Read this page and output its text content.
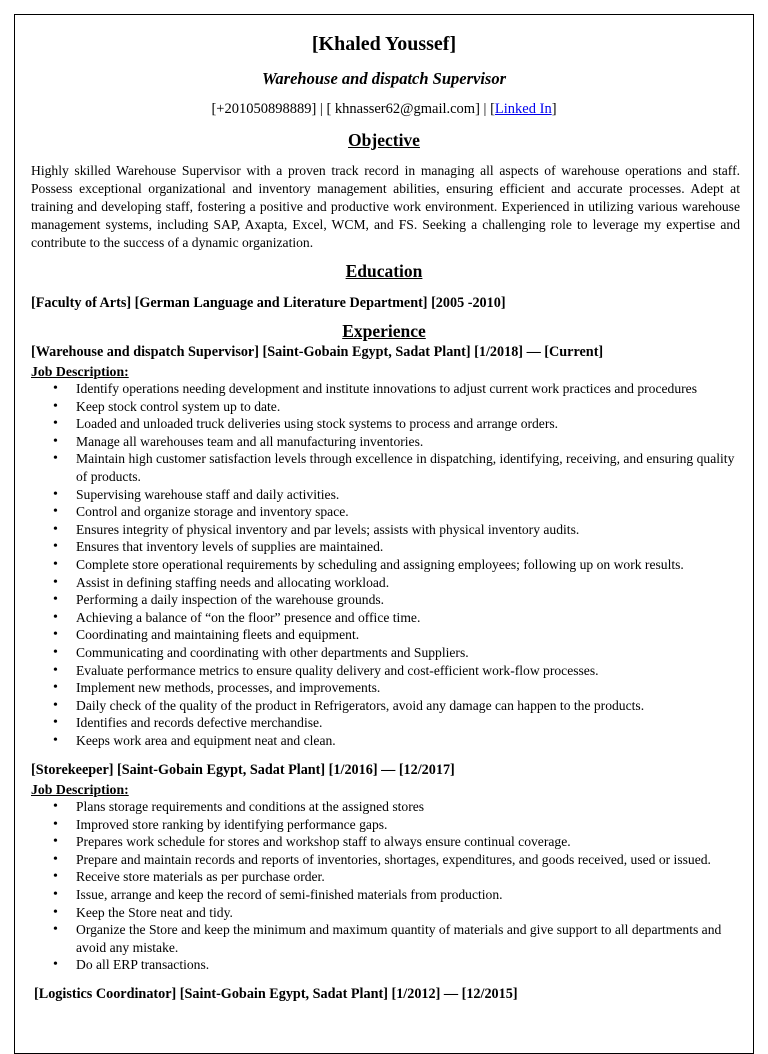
[Khaled Youssef]
Warehouse and dispatch Supervisor
[+201050898889] | [ khnasser62@gmail.com] | [Linked In]
Objective
Highly skilled Warehouse Supervisor with a proven track record in managing all aspects of warehouse operations and staff. Possess exceptional organizational and inventory management abilities, ensuring efficient and accurate processes. Adept at training and developing staff, fostering a positive and productive work environment. Experienced in utilizing various warehouse management systems, including SAP, Axapta, Excel, WCM, and FS. Seeking a challenging role to leverage my expertise and contribute to the success of a dynamic organization.
Education
[Faculty of Arts] [German Language and Literature Department] [2005 -2010]
Experience
[Warehouse and dispatch Supervisor] [Saint-Gobain Egypt, Sadat Plant] [1/2018] — [Current]
Job Description:
• Identify operations needing development and institute innovations to adjust current work practices and procedures
• Keep stock control system up to date.
• Loaded and unloaded truck deliveries using stock systems to process and arrange orders.
• Manage all warehouses team and all manufacturing inventories.
• Maintain high customer satisfaction levels through excellence in dispatching, identifying, receiving, and ensuring quality of products.
• Supervising warehouse staff and daily activities.
• Control and organize storage and inventory space.
• Ensures integrity of physical inventory and par levels; assists with physical inventory audits.
• Ensures that inventory levels of supplies are maintained.
• Complete store operational requirements by scheduling and assigning employees; following up on work results.
• Assist in defining staffing needs and allocating workload.
• Performing a daily inspection of the warehouse grounds.
• Achieving a balance of “on the floor” presence and office time.
• Coordinating and maintaining fleets and equipment.
• Communicating and coordinating with other departments and Suppliers.
• Evaluate performance metrics to ensure quality delivery and cost-efficient work-flow processes.
• Implement new methods, processes, and improvements.
• Daily check of the quality of the product in Refrigerators, avoid any damage can happen to the products.
• Identifies and records defective merchandise.
• Keeps work area and equipment neat and clean.
[Storekeeper] [Saint-Gobain Egypt, Sadat Plant] [1/2016] — [12/2017]
Job Description:
• Plans storage requirements and conditions at the assigned stores
• Improved store ranking by identifying performance gaps.
• Prepares work schedule for stores and workshop staff to always ensure continual coverage.
• Prepare and maintain records and reports of inventories, shortages, expenditures, and goods received, used or issued.
• Receive store materials as per purchase order.
• Issue, arrange and keep the record of semi-finished materials from production.
• Keep the Store neat and tidy.
• Organize the Store and keep the minimum and maximum quantity of materials and give support to all departments and avoid any mistake.
• Do all ERP transactions.
[Logistics Coordinator] [Saint-Gobain Egypt, Sadat Plant] [1/2012] — [12/2015]
